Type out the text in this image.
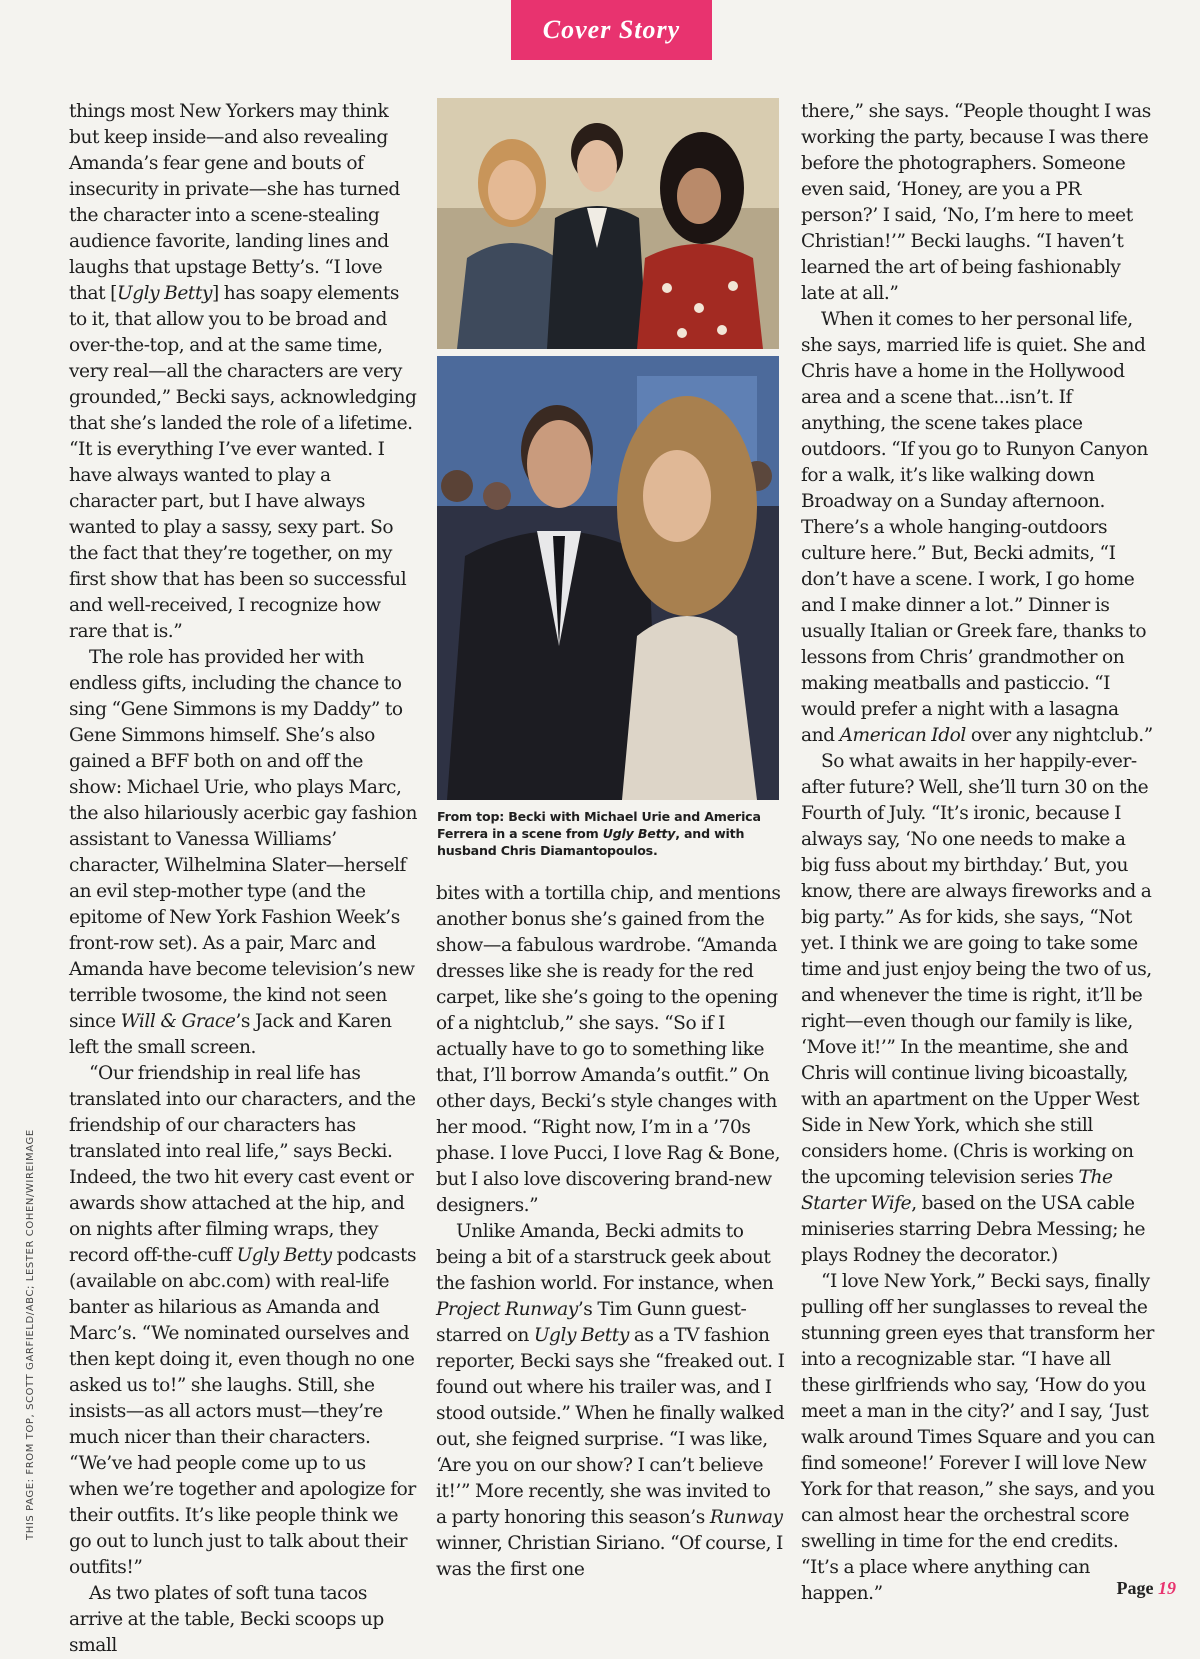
Cover Story

things most New Yorkers may think but keep inside—and also revealing Amanda’s fear gene and bouts of insecurity in private—she has turned the character into a scene-stealing audience favorite, landing lines and laughs that upstage Betty’s. “I love that [Ugly Betty] has soapy elements to it, that allow you to be broad and over-the-top, and at the same time, very real—all the characters are very grounded,” Becki says, acknowledging that she’s landed the role of a lifetime. “It is everything I’ve ever wanted. I have always wanted to play a character part, but I have always wanted to play a sassy, sexy part. So the fact that they’re together, on my first show that has been so successful and well-received, I recognize how rare that is.”

The role has provided her with endless gifts, including the chance to sing “Gene Simmons is my Daddy” to Gene Simmons himself. She’s also gained a BFF both on and off the show: Michael Urie, who plays Marc, the also hilariously acerbic gay fashion assistant to Vanessa Williams’ character, Wilhelmina Slater—herself an evil step-mother type (and the epitome of New York Fashion Week’s front-row set). As a pair, Marc and Amanda have become television’s new terrible twosome, the kind not seen since Will & Grace’s Jack and Karen left the small screen.

“Our friendship in real life has translated into our characters, and the friendship of our characters has translated into real life,” says Becki. Indeed, the two hit every cast event or awards show attached at the hip, and on nights after filming wraps, they record off-the-cuff Ugly Betty podcasts (available on abc.com) with real-life banter as hilarious as Amanda and Marc’s. “We nominated ourselves and then kept doing it, even though no one asked us to!” she laughs. Still, she insists—as all actors must—they’re much nicer than their characters. “We’ve had people come up to us when we’re together and apologize for their outfits. It’s like people think we go out to lunch just to talk about their outfits!”

As two plates of soft tuna tacos arrive at the table, Becki scoops up small

From top: Becki with Michael Urie and America Ferrera in a scene from Ugly Betty, and with husband Chris Diamantopoulos.

bites with a tortilla chip, and mentions another bonus she’s gained from the show—a fabulous wardrobe. “Amanda dresses like she is ready for the red carpet, like she’s going to the opening of a nightclub,” she says. “So if I actually have to go to something like that, I’ll borrow Amanda’s outfit.” On other days, Becki’s style changes with her mood. “Right now, I’m in a ’70s phase. I love Pucci, I love Rag & Bone, but I also love discovering brand-new designers.”

Unlike Amanda, Becki admits to being a bit of a starstruck geek about the fashion world. For instance, when Project Runway’s Tim Gunn guest-starred on Ugly Betty as a TV fashion reporter, Becki says she “freaked out. I found out where his trailer was, and I stood outside.” When he finally walked out, she feigned surprise. “I was like, ‘Are you on our show? I can’t believe it!’” More recently, she was invited to a party honoring this season’s Runway winner, Christian Siriano. “Of course, I was the first one

there,” she says. “People thought I was working the party, because I was there before the photographers. Someone even said, ‘Honey, are you a PR person?’ I said, ‘No, I’m here to meet Christian!’” Becki laughs. “I haven’t learned the art of being fashionably late at all.”

When it comes to her personal life, she says, married life is quiet. She and Chris have a home in the Hollywood area and a scene that...isn’t. If anything, the scene takes place outdoors. “If you go to Runyon Canyon for a walk, it’s like walking down Broadway on a Sunday afternoon. There’s a whole hanging-outdoors culture here.” But, Becki admits, “I don’t have a scene. I work, I go home and I make dinner a lot.” Dinner is usually Italian or Greek fare, thanks to lessons from Chris’ grandmother on making meatballs and pasticcio. “I would prefer a night with a lasagna and American Idol over any nightclub.”

So what awaits in her happily-ever-after future? Well, she’ll turn 30 on the Fourth of July. “It’s ironic, because I always say, ‘No one needs to make a big fuss about my birthday.’ But, you know, there are always fireworks and a big party.” As for kids, she says, “Not yet. I think we are going to take some time and just enjoy being the two of us, and whenever the time is right, it’ll be right—even though our family is like, ‘Move it!’” In the meantime, she and Chris will continue living bicoastally, with an apartment on the Upper West Side in New York, which she still considers home. (Chris is working on the upcoming television series The Starter Wife, based on the USA cable miniseries starring Debra Messing; he plays Rodney the decorator.)

“I love New York,” Becki says, finally pulling off her sunglasses to reveal the stunning green eyes that transform her into a recognizable star. “I have all these girlfriends who say, ‘How do you meet a man in the city?’ and I say, ‘Just walk around Times Square and you can find someone!’ Forever I will love New York for that reason,” she says, and you can almost hear the orchestral score swelling in time for the end credits. “It’s a place where anything can happen.”

THIS PAGE: FROM TOP, SCOTT GARFIELD/ABC; LESTER COHEN/WIREIMAGE
Page 19
